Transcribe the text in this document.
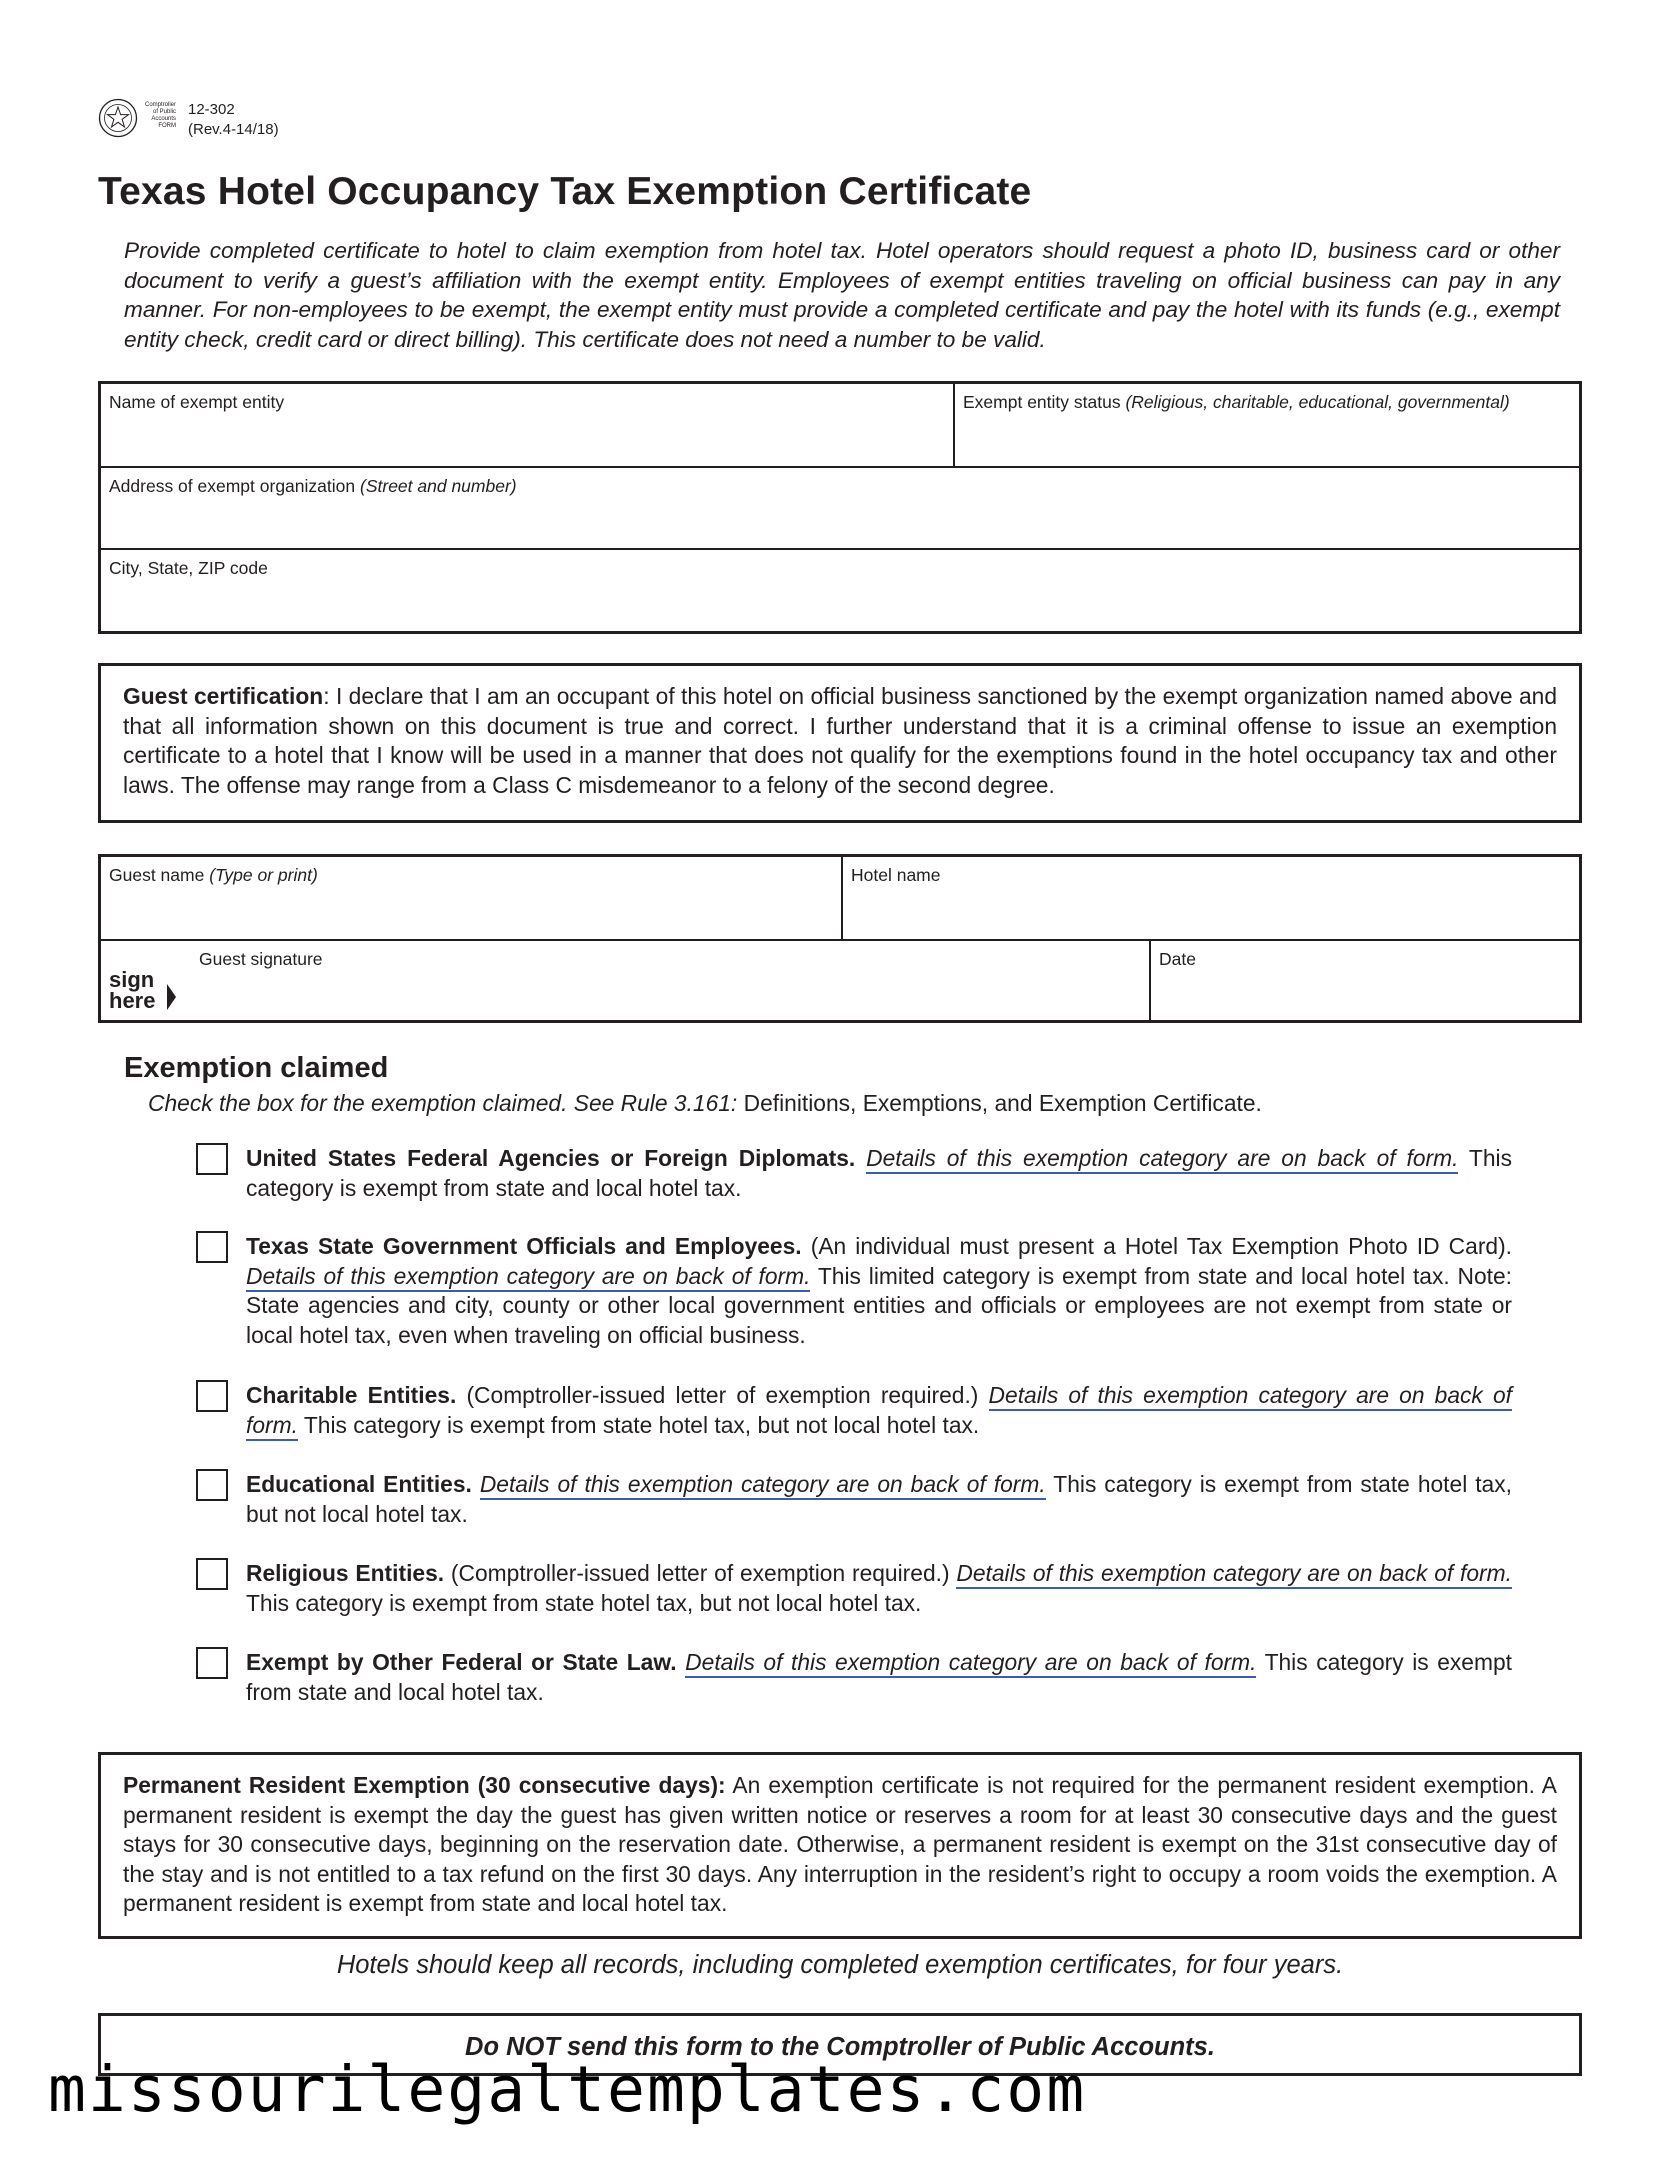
Comptroller
of Public
Accounts
FORM
12-302
(Rev.4-14/18)
Texas Hotel Occupancy Tax Exemption Certificate
Provide completed certificate to hotel to claim exemption from hotel tax. Hotel operators should request a photo ID, business card or other document to verify a guest’s affiliation with the exempt entity. Employees of exempt entities traveling on official business can pay in any manner. For non-employees to be exempt, the exempt entity must provide a completed certificate and pay the hotel with its funds (e.g., exempt entity check, credit card or direct billing). This certificate does not need a number to be valid.
Name of exempt entity	Exempt entity status (Religious, charitable, educational, governmental)
Address of exempt organization (Street and number)
City, State, ZIP code
Guest certification: I declare that I am an occupant of this hotel on official business sanctioned by the exempt organization named above and that all information shown on this document is true and correct. I further understand that it is a criminal offense to issue an exemption certificate to a hotel that I know will be used in a manner that does not qualify for the exemptions found in the hotel occupancy tax and other laws. The offense may range from a Class C misdemeanor to a felony of the second degree.
Guest name (Type or print)	Hotel name
Guest signature
sign
here
Date
Exemption claimed
Check the box for the exemption claimed. See Rule 3.161: Definitions, Exemptions, and Exemption Certificate.
United States Federal Agencies or Foreign Diplomats. Details of this exemption category are on back of form. This category is exempt from state and local hotel tax.
Texas State Government Officials and Employees. (An individual must present a Hotel Tax Exemption Photo ID Card). Details of this exemption category are on back of form. This limited category is exempt from state and local hotel tax. Note: State agencies and city, county or other local government entities and officials or employees are not exempt from state or local hotel tax, even when traveling on official business.
Charitable Entities. (Comptroller-issued letter of exemption required.) Details of this exemption category are on back of form. This category is exempt from state hotel tax, but not local hotel tax.
Educational Entities. Details of this exemption category are on back of form. This category is exempt from state hotel tax, but not local hotel tax.
Religious Entities. (Comptroller-issued letter of exemption required.) Details of this exemption category are on back of form. This category is exempt from state hotel tax, but not local hotel tax.
Exempt by Other Federal or State Law. Details of this exemption category are on back of form. This category is exempt from state and local hotel tax.
Permanent Resident Exemption (30 consecutive days): An exemption certificate is not required for the permanent resident exemption. A permanent resident is exempt the day the guest has given written notice or reserves a room for at least 30 consecutive days and the guest stays for 30 consecutive days, beginning on the reservation date. Otherwise, a permanent resident is exempt on the 31st consecutive day of the stay and is not entitled to a tax refund on the first 30 days. Any interruption in the resident’s right to occupy a room voids the exemption. A permanent resident is exempt from state and local hotel tax.
Hotels should keep all records, including completed exemption certificates, for four years.
Do NOT send this form to the Comptroller of Public Accounts.
missourilegaltemplates.com
